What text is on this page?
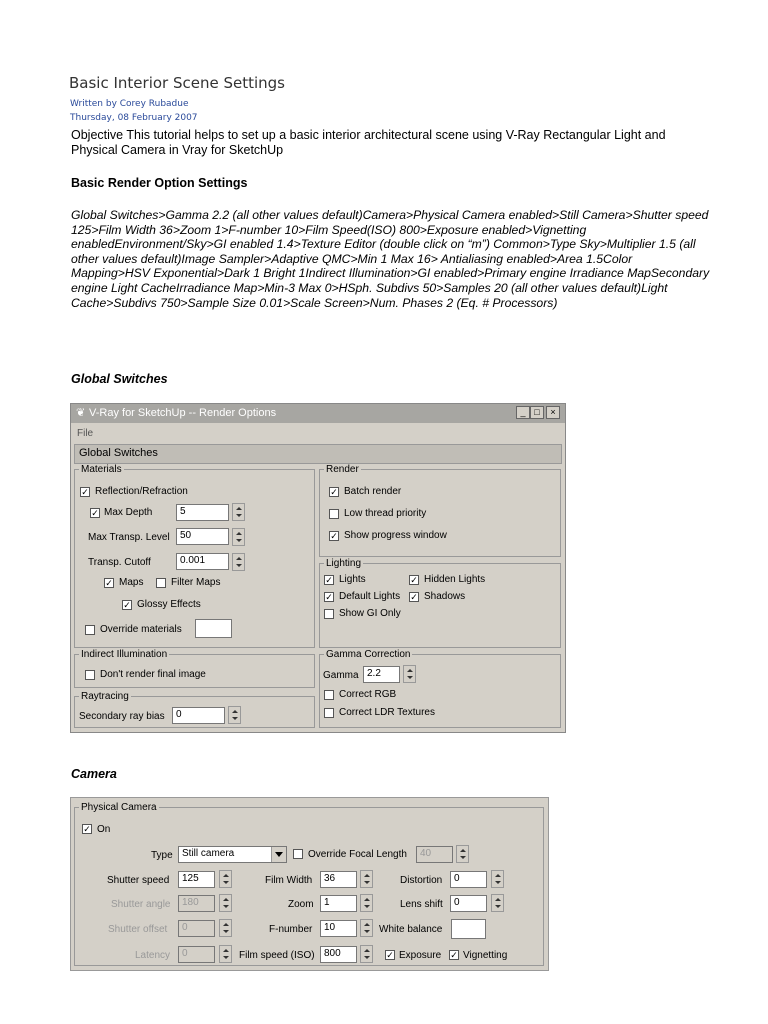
Basic Interior Scene Settings
Written by Corey Rubadue
Thursday, 08 February 2007
Objective This tutorial helps to set up a basic interior architectural scene using V-Ray Rectangular Light and Physical Camera in Vray for SketchUp
Basic Render Option Settings
Global Switches>Gamma 2.2 (all other values default)Camera>Physical Camera enabled>Still Camera>Shutter speed 125>Film Width 36>Zoom 1>F-number 10>Film Speed(ISO) 800>Exposure enabled>Vignetting enabledEnvironment/Sky>GI enabled 1.4>Texture Editor (double click on “m”) Common>Type Sky>Multiplier 1.5 (all other values default)Image Sampler>Adaptive QMC>Min 1 Max 16> Antialiasing enabled>Area 1.5Color Mapping>HSV Exponential>Dark 1 Bright 1Indirect Illumination>GI enabled>Primary engine Irradiance MapSecondary engine Light CacheIrradiance Map>Min-3 Max 0>HSph. Subdivs 50>Samples 20 (all other values default)Light Cache>Subdivs 750>Sample Size 0.01>Scale Screen>Num. Phases 2 (Eq. # Processors)
Global Switches
❦ V-Ray for SketchUp -- Render Options	_ □	×
File
Global Switches
Materials
✓ Reflection/Refraction
✓ Max Depth	5
Max Transp. Level	50
Transp. Cutoff	0.001
✓ Maps	Filter Maps
✓ Glossy Effects
Override materials
Render
✓ Batch render
Low thread priority
✓ Show progress window
Lighting
✓ Lights	✓ Hidden Lights
✓ Default Lights ✓ Shadows
Show GI Only
Indirect Illumination
Don't render final image
Gamma Correction
Gamma 2.2
Correct RGB
Correct LDR Textures
Raytracing
Secondary ray bias	0
Camera
Physical Camera
✓ On
Type Still camera	Override Focal Length	40
Shutter speed	125	Film Width	36	Distortion	0
Shutter angle	180	Zoom	1	Lens shift	0
Shutter offset	0	F-number	10	White balance
Latency	0	Film speed (ISO) 800	✓ Exposure ✓ Vignetting
